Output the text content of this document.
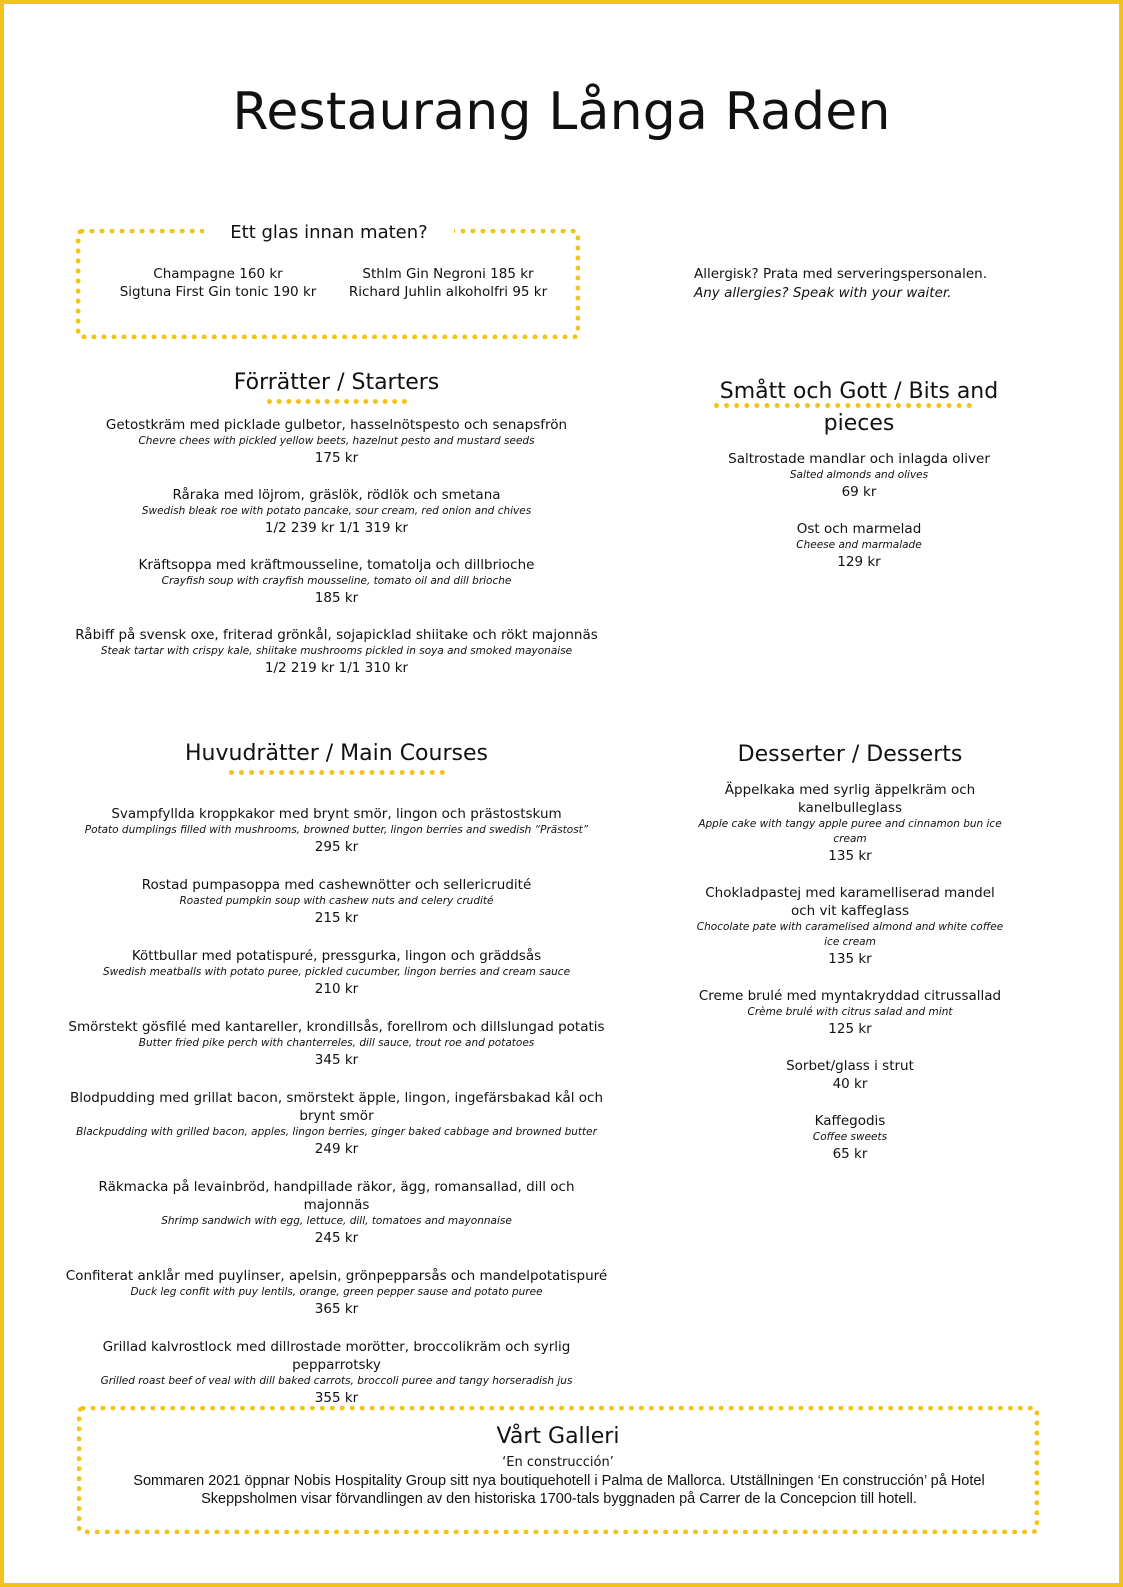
Restaurang Långa Raden
Ett glas innan maten?
Champagne 160 kr	Sthlm Gin Negroni 185 kr
Sigtuna First Gin tonic 190 kr	Richard Juhlin alkoholfri 95 kr
Allergisk? Prata med serveringspersonalen.
Any allergies? Speak with your waiter.
Förrätter / Starters
Getostkräm med picklade gulbetor, hasselnötspesto och senapsfrön
Chevre chees with pickled yellow beets, hazelnut pesto and mustard seeds
175 kr
Råraka med löjrom, gräslök, rödlök och smetana
Swedish bleak roe with potato pancake, sour cream, red onion and chives
1/2 239 kr 1/1 319 kr
Kräftsoppa med kräftmousseline, tomatolja och dillbrioche
Crayfish soup with crayfish mousseline, tomato oil and dill brioche
185 kr
Råbiff på svensk oxe, friterad grönkål, sojapicklad shiitake och rökt majonnäs
Steak tartar with crispy kale, shiitake mushrooms pickled in soya and smoked mayonaise
1/2 219 kr 1/1 310 kr
Smått och Gott / Bits and pieces
Saltrostade mandlar och inlagda oliver
Salted almonds and olives
69 kr
Ost och marmelad
Cheese and marmalade
129 kr
Huvudrätter / Main Courses
Svampfyllda kroppkakor med brynt smör, lingon och prästostskum
Potato dumplings filled with mushrooms, browned butter, lingon berries and swedish “Prästost”
295 kr
Rostad pumpasoppa med cashewnötter och sellericrudité
Roasted pumpkin soup with cashew nuts and celery crudité
215 kr
Köttbullar med potatispuré, pressgurka, lingon och gräddsås
Swedish meatballs with potato puree, pickled cucumber, lingon berries and cream sauce
210 kr
Smörstekt gösfilé med kantareller, krondillsås, forellrom och dillslungad potatis
Butter fried pike perch with chanterreles, dill sauce, trout roe and potatoes
345 kr
Blodpudding med grillat bacon, smörstekt äpple, lingon, ingefärsbakad kål och brynt smör
Blackpudding with grilled bacon, apples, lingon berries, ginger baked cabbage and browned butter
249 kr
Räkmacka på levainbröd, handpillade räkor, ägg, romansallad, dill och majonnäs
Shrimp sandwich with egg, lettuce, dill, tomatoes and mayonnaise
245 kr
Confiterat anklår med puylinser, apelsin, grönpepparsås och mandelpotatispuré
Duck leg confit with puy lentils, orange, green pepper sause and potato puree
365 kr
Grillad kalvrostlock med dillrostade morötter, broccolikräm och syrlig pepparrotsky
Grilled roast beef of veal with dill baked carrots, broccoli puree and tangy horseradish jus
355 kr
Desserter / Desserts
Äppelkaka med syrlig äppelkräm och kanelbulleglass
Apple cake with tangy apple puree and cinnamon bun ice cream
135 kr
Chokladpastej med karamelliserad mandel och vit kaffeglass
Chocolate pate with caramelised almond and white coffee ice cream
135 kr
Creme brulé med myntakryddad citrussallad
Crème brulé with citrus salad and mint
125 kr
Sorbet/glass i strut
40 kr
Kaffegodis
Coffee sweets
65 kr
Vårt Galleri
‘En construcción’
Sommaren 2021 öppnar Nobis Hospitality Group sitt nya boutiquehotell i Palma de Mallorca. Utställningen ‘En construcción’ på Hotel Skeppsholmen visar förvandlingen av den historiska 1700-tals byggnaden på Carrer de la Concepcion till hotell.
